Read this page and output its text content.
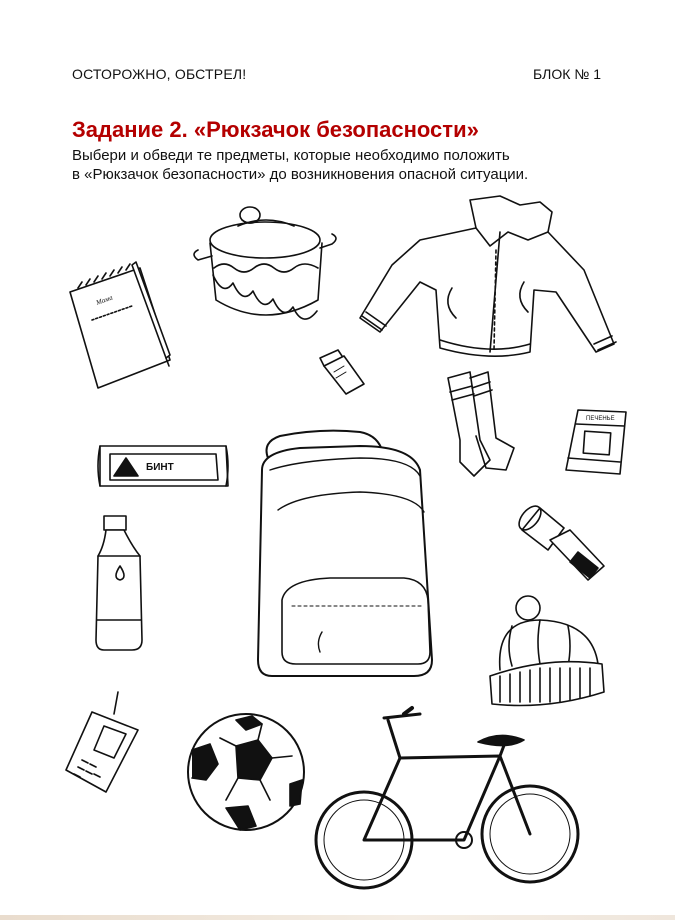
ОСТОРОЖНО, ОБСТРЕЛ!	БЛОК № 1
Задание 2. «Рюкзачок безопасности»
Выбери и обведи те предметы, которые необходимо положить
в «Рюкзачок безопасности» до возникновения опасной ситуации.
Мама
ПЕЧЕНЬЕ
БИНТ
